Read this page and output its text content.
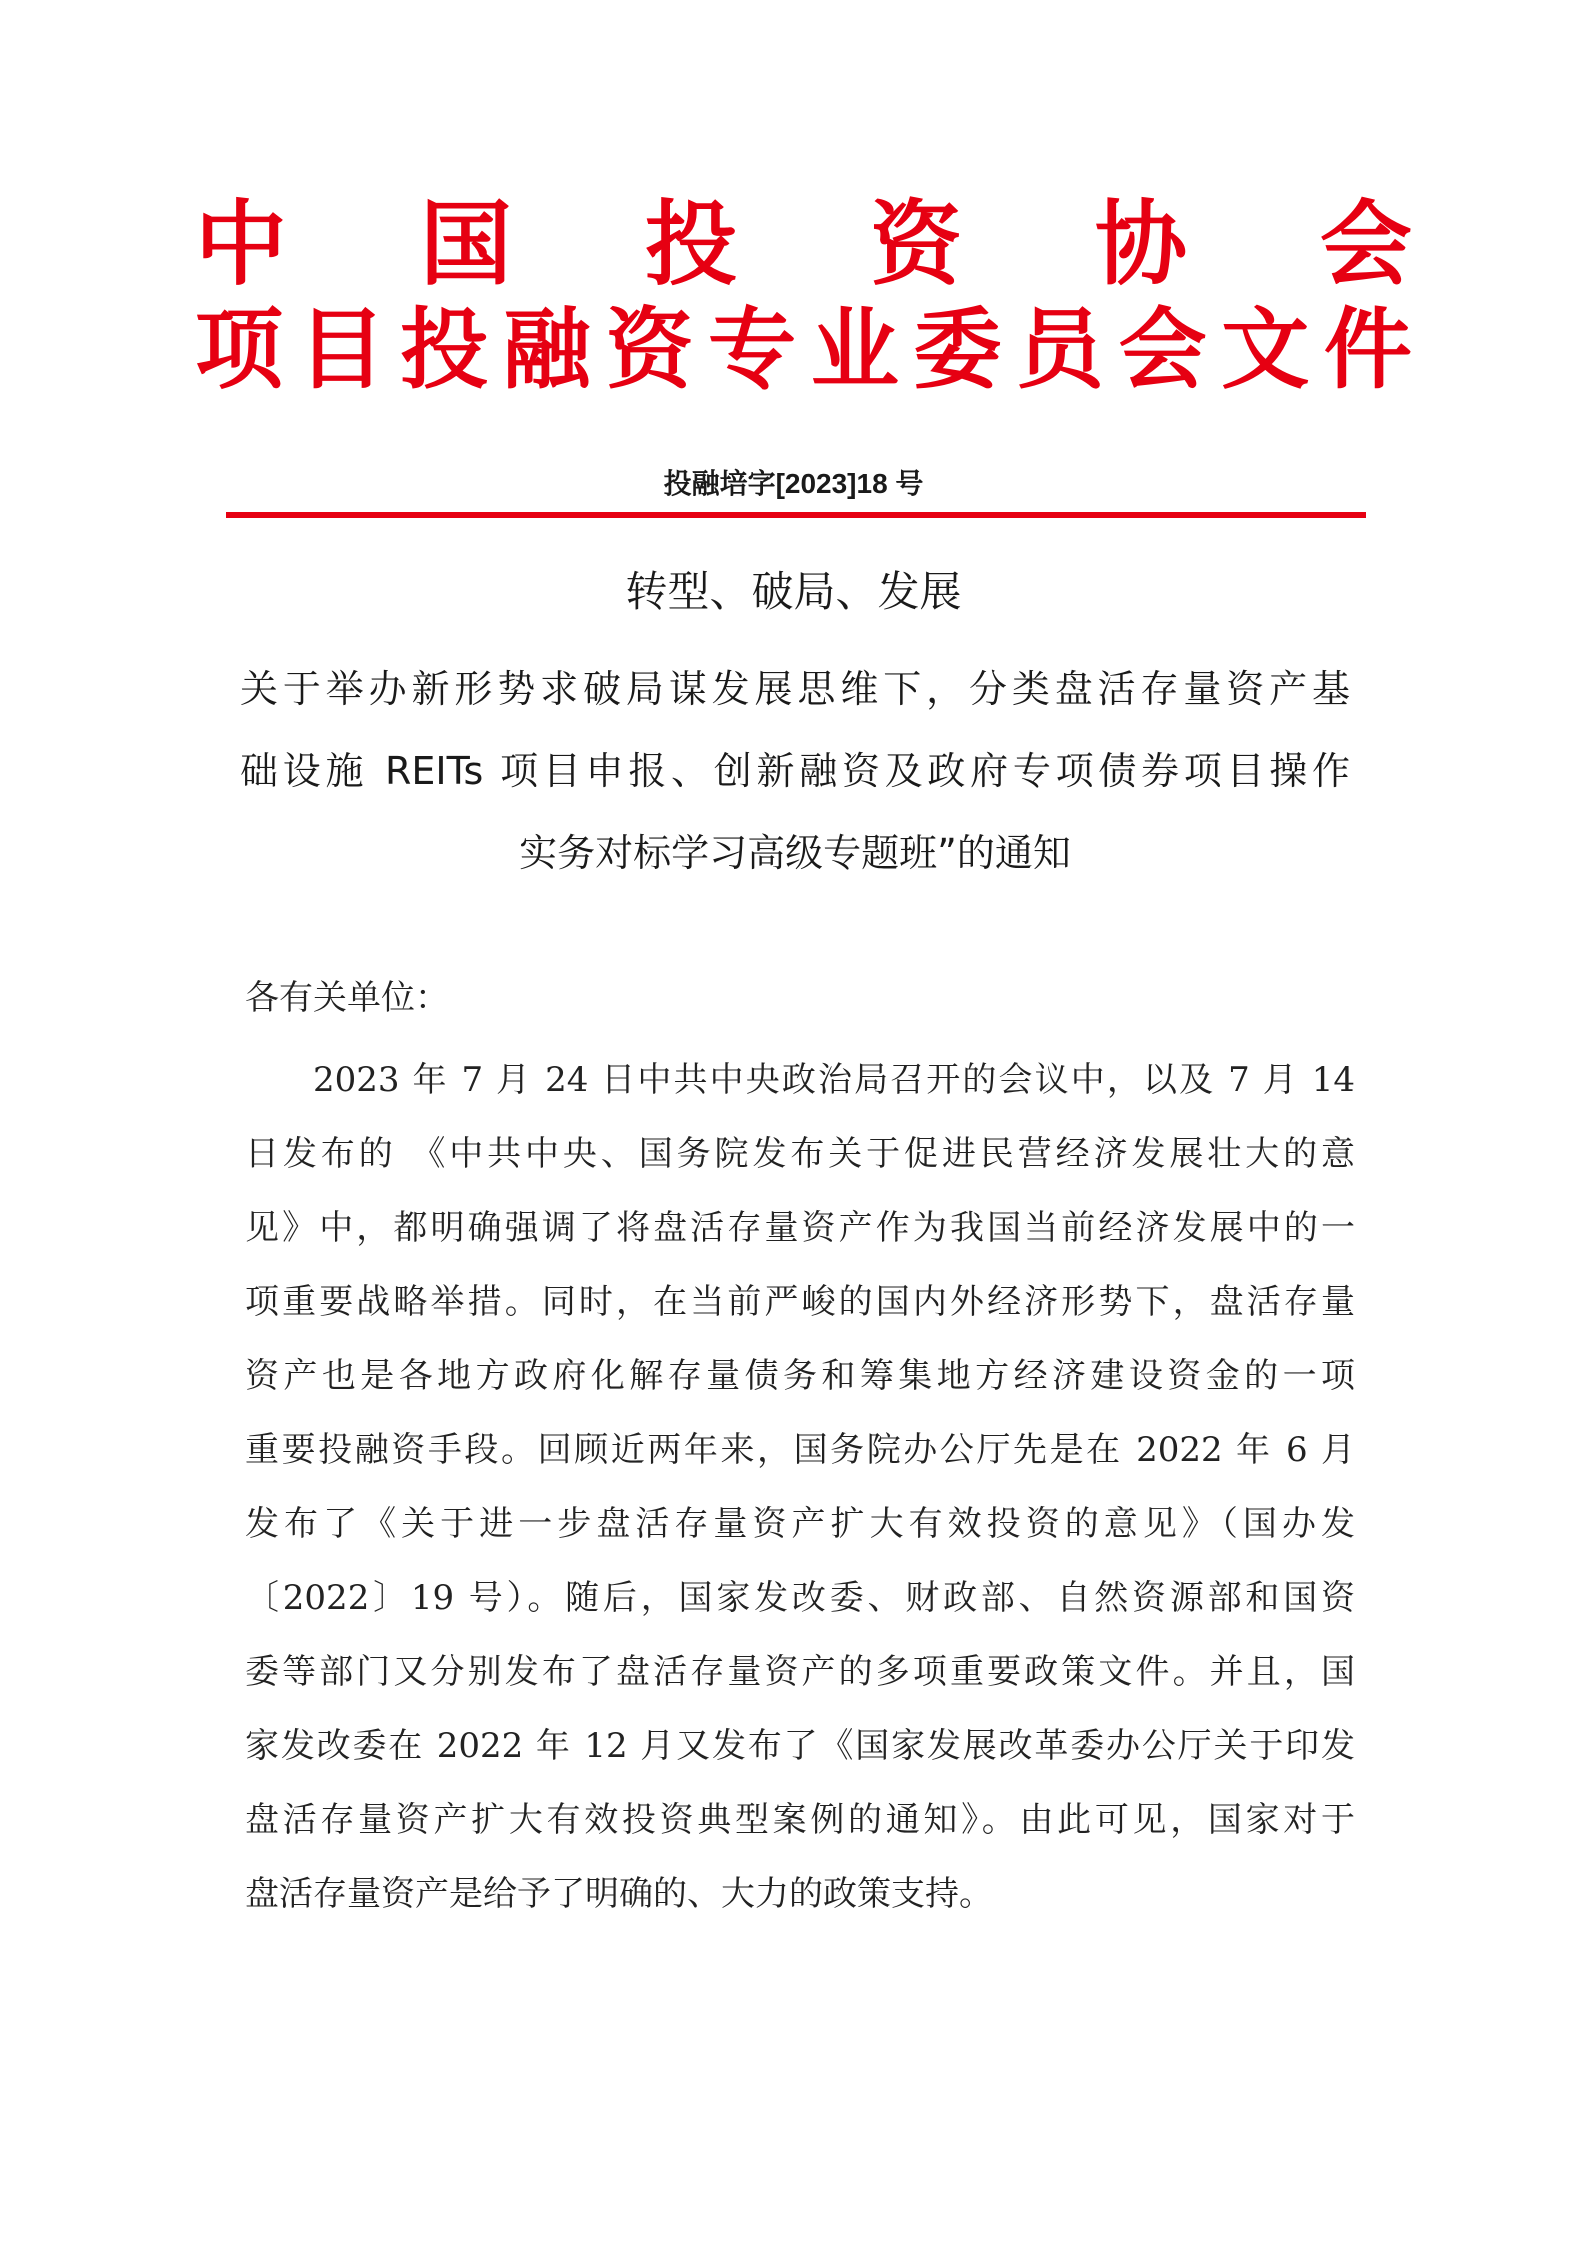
中 国 投 资 协 会
项 目 投 融 资 专 业 委 员 会 文 件
投融培字[2023]18 号
转型、破局、发展
关于举办新形势求破局谋发展思维下，分类盘活存量资产基
础设施 REITs 项目申报、创新融资及政府专项债券项目操作
实务对标学习高级专题班”的通知
各有关单位：
2023 年 7 月 24 日中共中央政治局召开的会议中，以及 7 月 14
日发布的 《中共中央、国务院发布关于促进民营经济发展壮大的意
见》中，都明确强调了将盘活存量资产作为我国当前经济发展中的一
项重要战略举措。同时，在当前严峻的国内外经济形势下，盘活存量
资产也是各地方政府化解存量债务和筹集地方经济建设资金的一项
重要投融资手段。回顾近两年来，国务院办公厅先是在 2022 年 6 月
发布了《关于进一步盘活存量资产扩大有效投资的意见》（国办发
〔2022〕19 号）。随后，国家发改委、财政部、自然资源部和国资
委等部门又分别发布了盘活存量资产的多项重要政策文件。并且，国
家发改委在 2022 年 12 月又发布了《国家发展改革委办公厅关于印发
盘活存量资产扩大有效投资典型案例的通知》。由此可见，国家对于
盘活存量资产是给予了明确的、大力的政策支持。
